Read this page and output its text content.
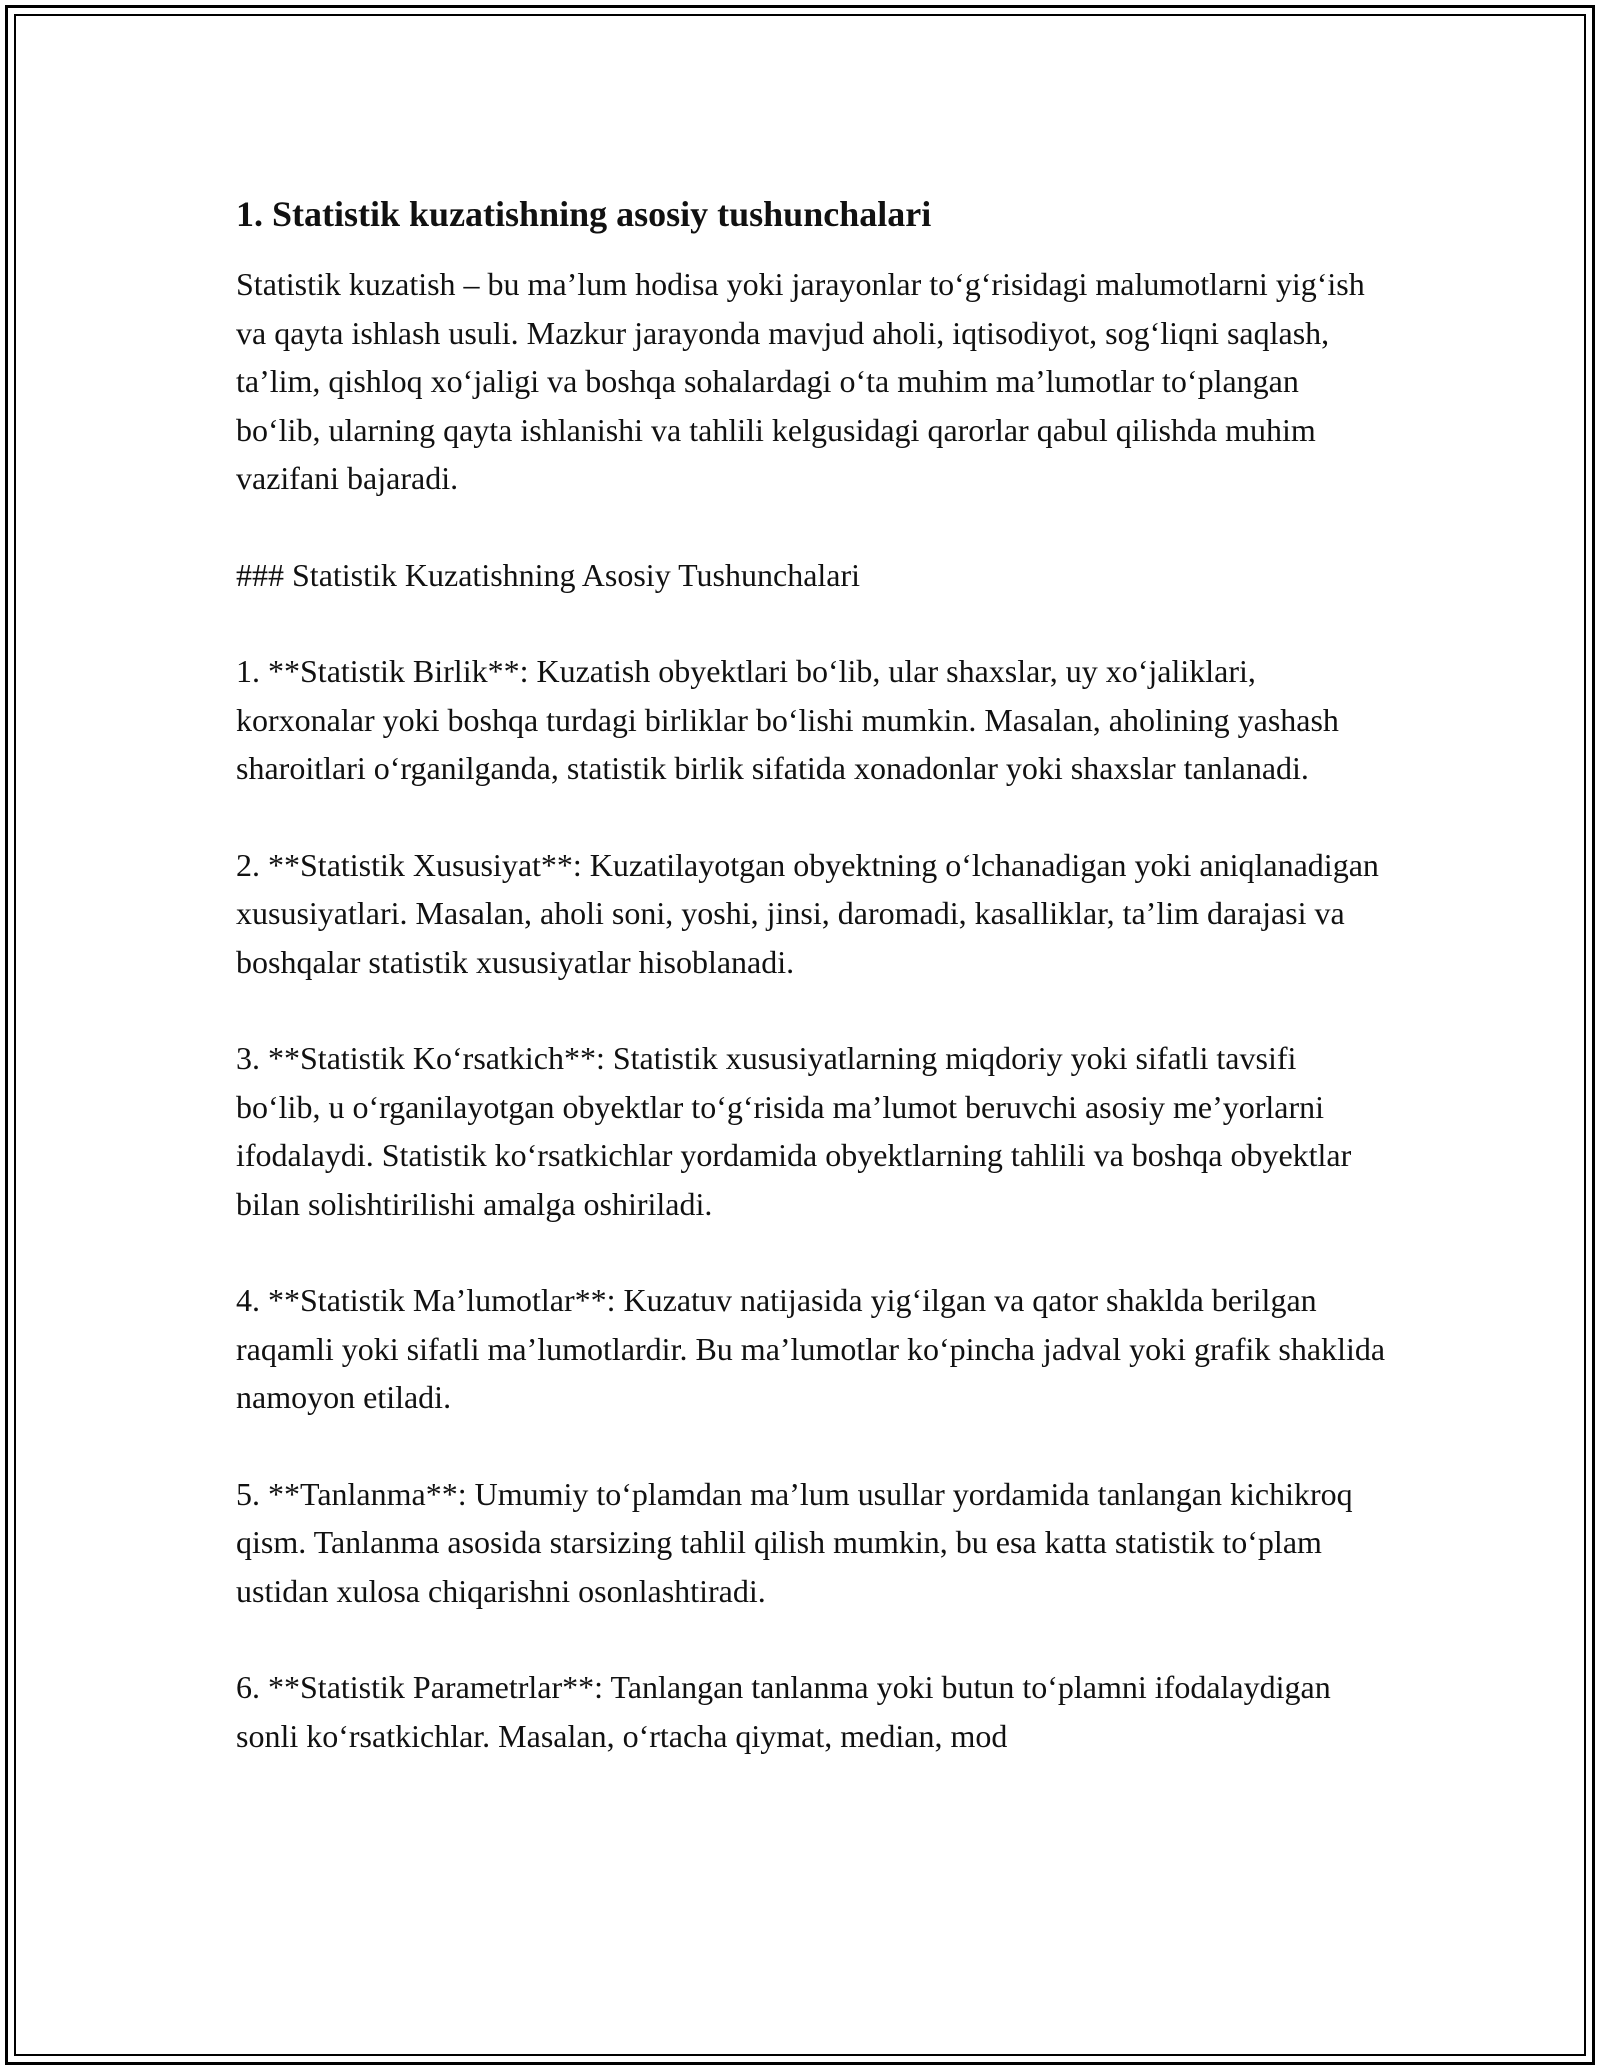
1. Statistik kuzatishning asosiy tushunchalari

Statistik kuzatish – bu ma’lum hodisa yoki jarayonlar to‘g‘risidagi malumotlarni yig‘ish va qayta ishlash usuli. Mazkur jarayonda mavjud aholi, iqtisodiyot, sog‘liqni saqlash, ta’lim, qishloq xo‘jaligi va boshqa sohalardagi o‘ta muhim ma’lumotlar to‘plangan bo‘lib, ularning qayta ishlanishi va tahlili kelgusidagi qarorlar qabul qilishda muhim vazifani bajaradi.

### Statistik Kuzatishning Asosiy Tushunchalari

1. **Statistik Birlik**: Kuzatish obyektlari bo‘lib, ular shaxslar, uy xo‘jaliklari, korxonalar yoki boshqa turdagi birliklar bo‘lishi mumkin. Masalan, aholining yashash sharoitlari o‘rganilganda, statistik birlik sifatida xonadonlar yoki shaxslar tanlanadi.

2. **Statistik Xususiyat**: Kuzatilayotgan obyektning o‘lchanadigan yoki aniqlanadigan xususiyatlari. Masalan, aholi soni, yoshi, jinsi, daromadi, kasalliklar, ta’lim darajasi va boshqalar statistik xususiyatlar hisoblanadi.

3. **Statistik Ko‘rsatkich**: Statistik xususiyatlarning miqdoriy yoki sifatli tavsifi bo‘lib, u o‘rganilayotgan obyektlar to‘g‘risida ma’lumot beruvchi asosiy me’yorlarni ifodalaydi. Statistik ko‘rsatkichlar yordamida obyektlarning tahlili va boshqa obyektlar bilan solishtirilishi amalga oshiriladi.

4. **Statistik Ma’lumotlar**: Kuzatuv natijasida yig‘ilgan va qator shaklda berilgan raqamli yoki sifatli ma’lumotlardir. Bu ma’lumotlar ko‘pincha jadval yoki grafik shaklida namoyon etiladi.

5. **Tanlanma**: Umumiy to‘plamdan ma’lum usullar yordamida tanlangan kichikroq qism. Tanlanma asosida starsizing tahlil qilish mumkin, bu esa katta statistik to‘plam ustidan xulosa chiqarishni osonlashtiradi.

6. **Statistik Parametrlar**: Tanlangan tanlanma yoki butun to‘plamni ifodalaydigan sonli ko‘rsatkichlar. Masalan, o‘rtacha qiymat, median, mod
